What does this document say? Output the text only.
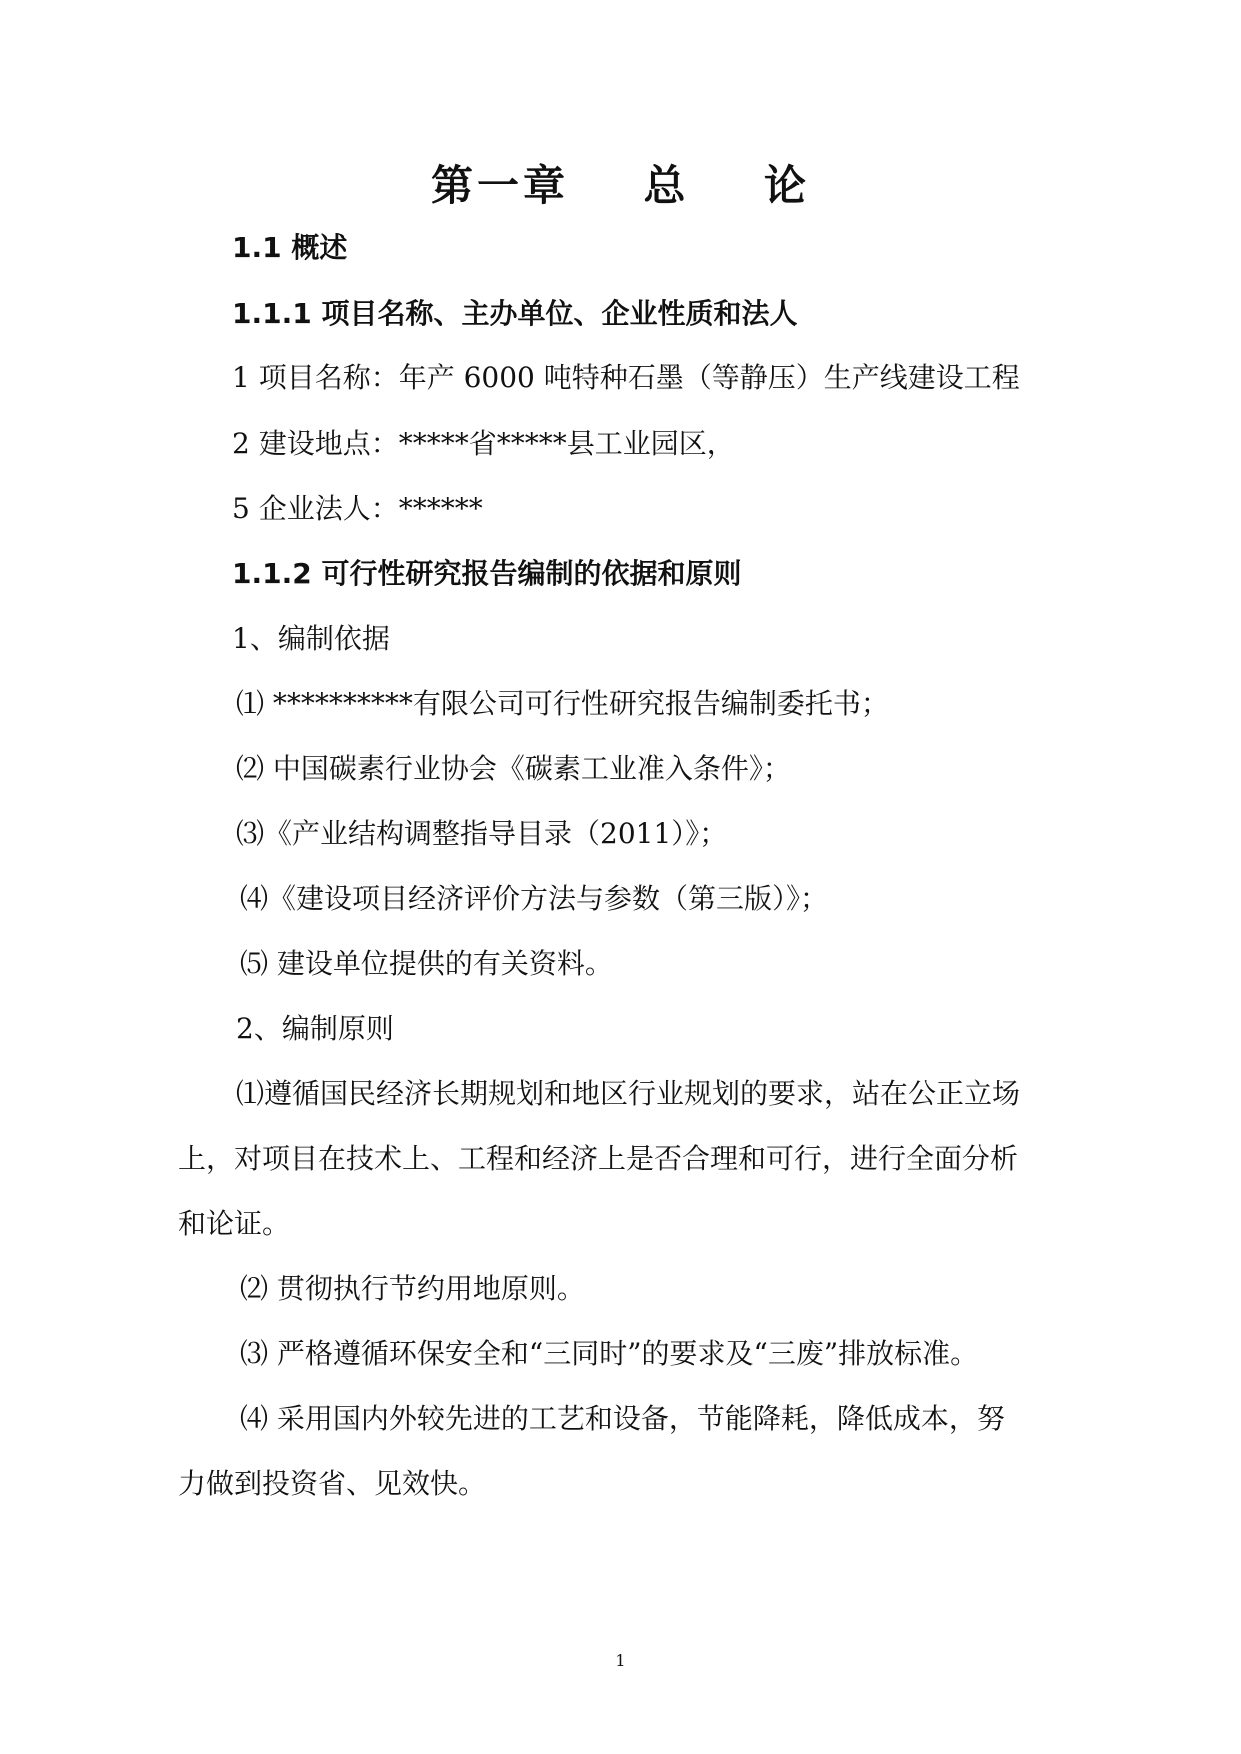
第一章    总    论
1.1 概述
1.1.1 项目名称、主办单位、企业性质和法人
1 项目名称：年产 6000 吨特种石墨（等静压）生产线建设工程
2 建设地点：*****省*****县工业园区，
5 企业法人：******
1.1.2 可行性研究报告编制的依据和原则
1、编制依据
⑴ **********有限公司可行性研究报告编制委托书；
⑵ 中国碳素行业协会《碳素工业准入条件》；
⑶《产业结构调整指导目录（2011）》；
⑷《建设项目经济评价方法与参数（第三版）》；
⑸ 建设单位提供的有关资料。
2、编制原则
⑴遵循国民经济长期规划和地区行业规划的要求，站在公正立场
上，对项目在技术上、工程和经济上是否合理和可行，进行全面分析
和论证。
⑵ 贯彻执行节约用地原则。
⑶ 严格遵循环保安全和“三同时”的要求及“三废”排放标准。
⑷ 采用国内外较先进的工艺和设备，节能降耗，降低成本，努
力做到投资省、见效快。
1
